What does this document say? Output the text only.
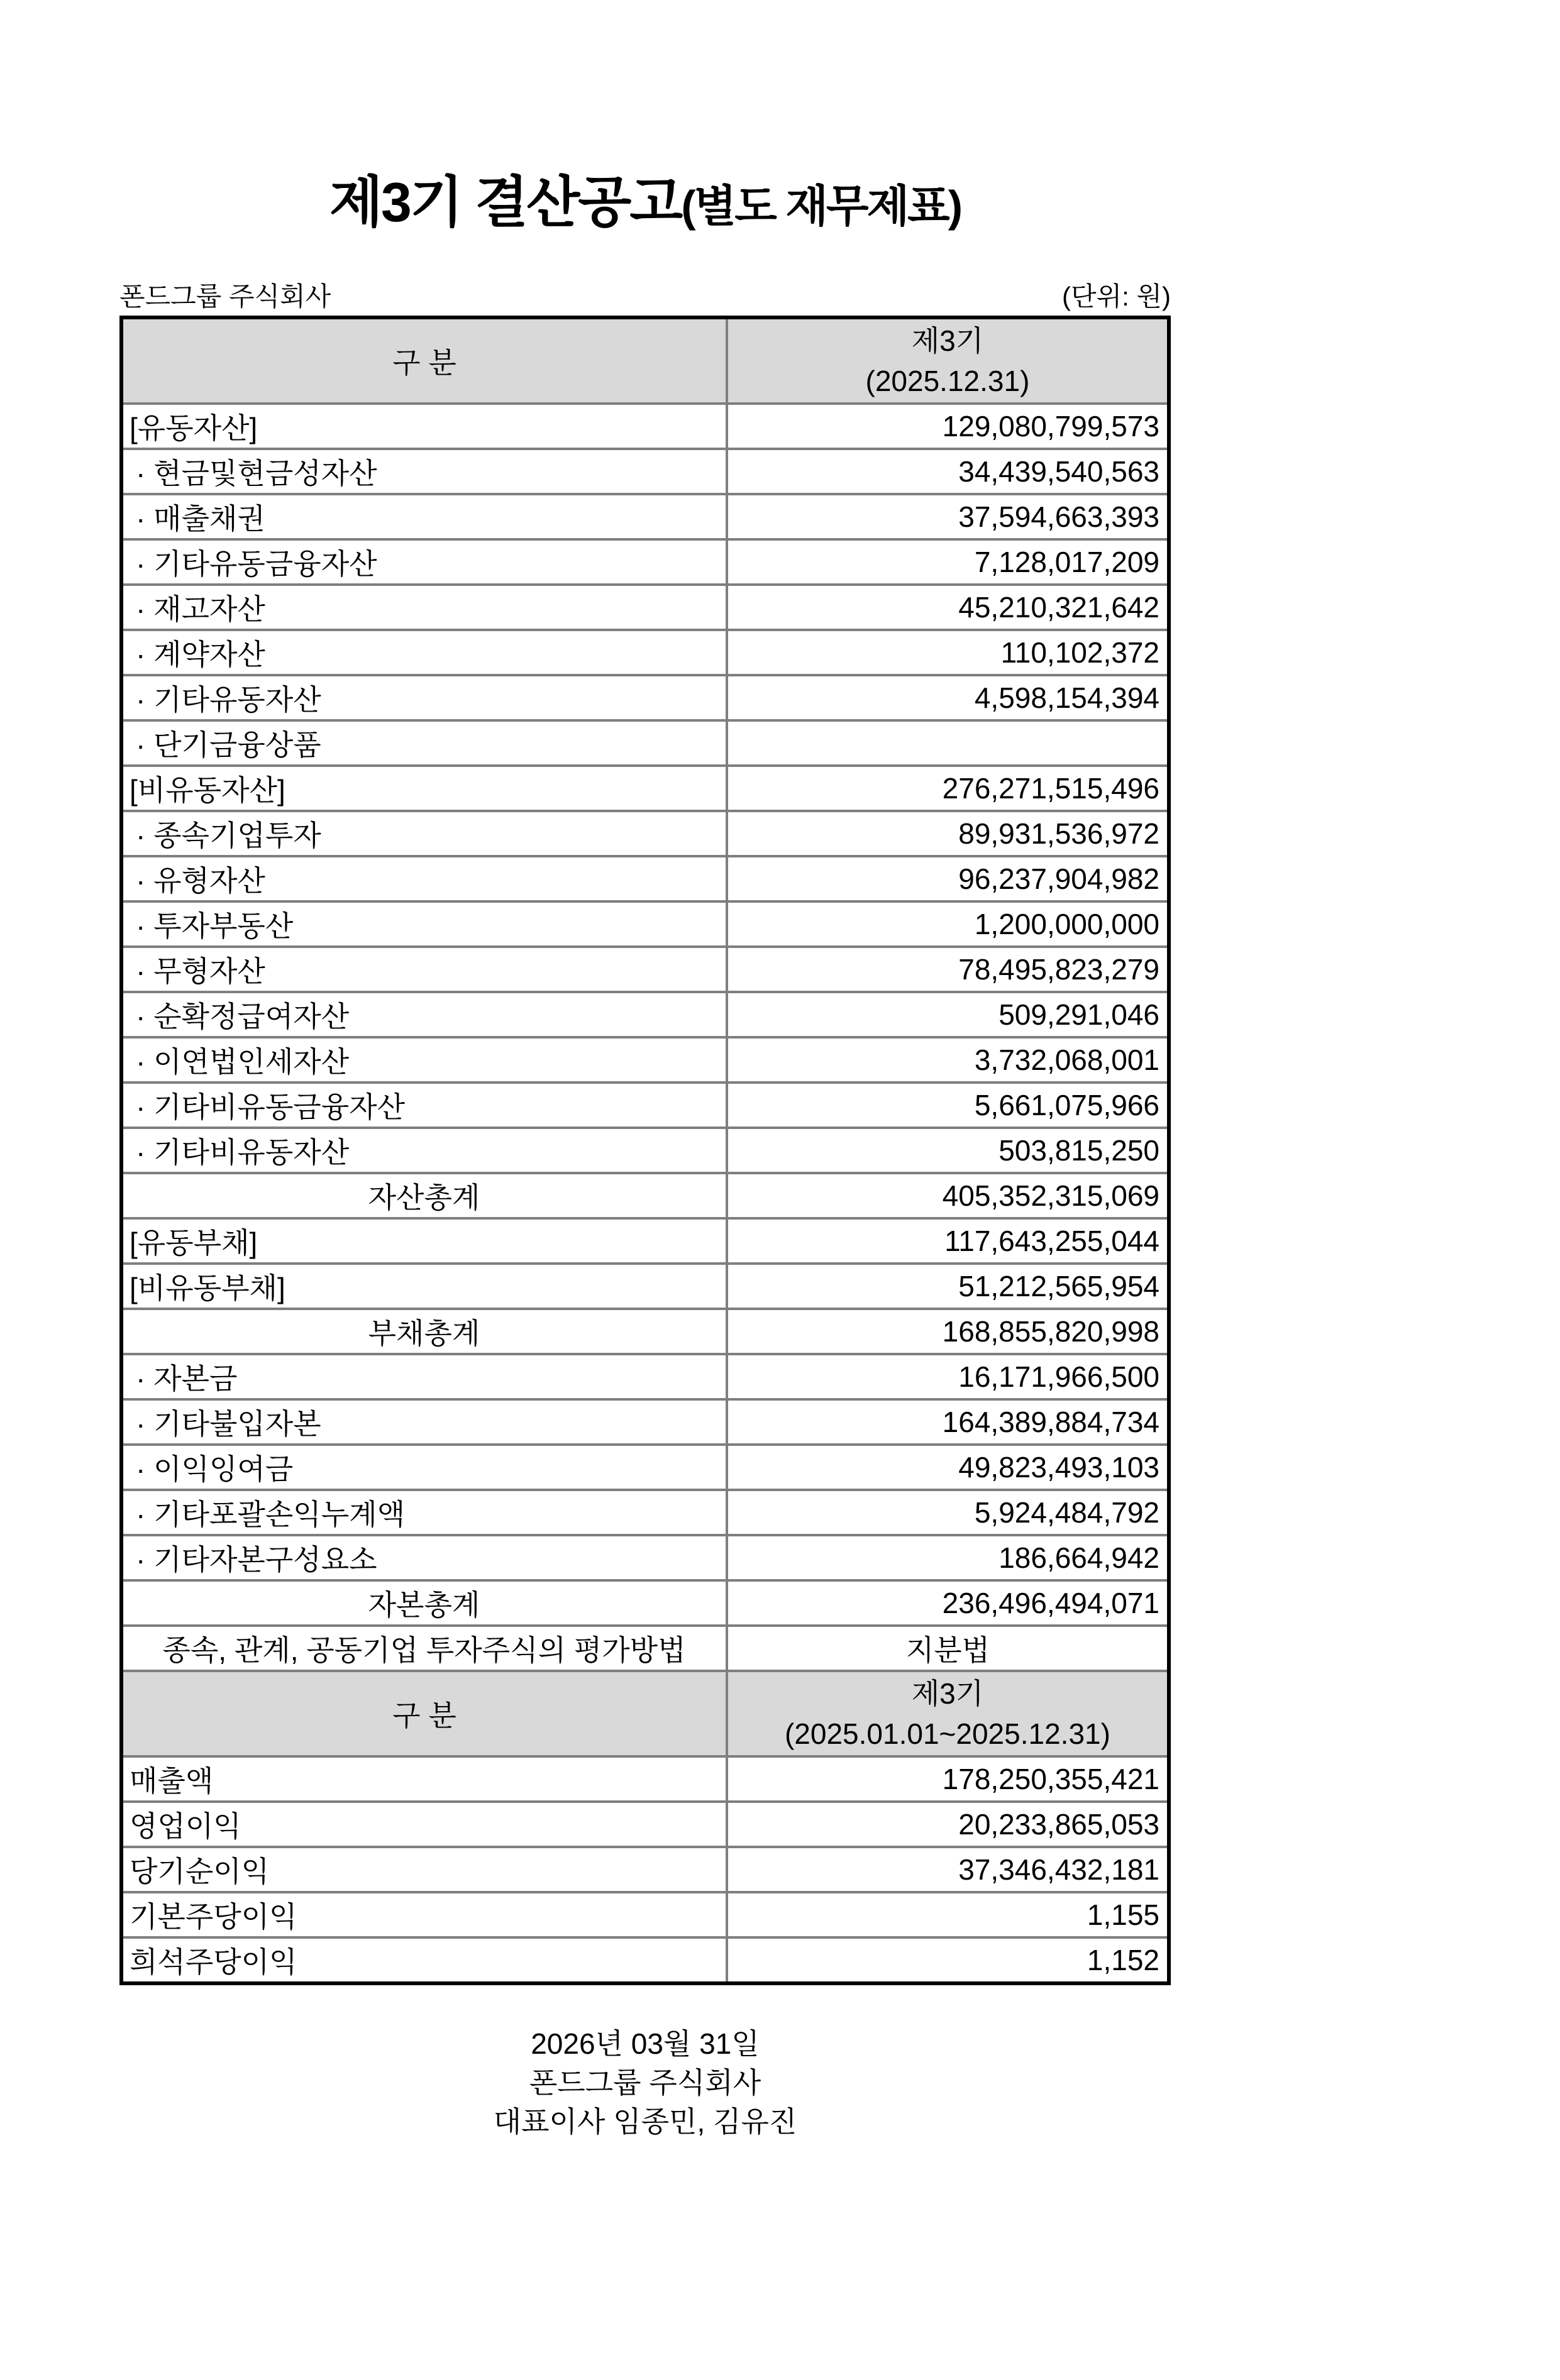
제3기 결산공고(별도 재무제표)
폰드그룹 주식회사	(단위: 원)
구 분	제3기
(2025.12.31)

[유동자산]	129,080,799,573
· 현금및현금성자산	34,439,540,563
· 매출채권	37,594,663,393
· 기타유동금융자산	7,128,017,209
· 재고자산	45,210,321,642
· 계약자산	110,102,372
· 기타유동자산	4,598,154,394
· 단기금융상품	
[비유동자산]	276,271,515,496
· 종속기업투자	89,931,536,972
· 유형자산	96,237,904,982
· 투자부동산	1,200,000,000
· 무형자산	78,495,823,279
· 순확정급여자산	509,291,046
· 이연법인세자산	3,732,068,001
· 기타비유동금융자산	5,661,075,966
· 기타비유동자산	503,815,250
자산총계	405,352,315,069
[유동부채]	117,643,255,044
[비유동부채]	51,212,565,954
부채총계	168,855,820,998
· 자본금	16,171,966,500
· 기타불입자본	164,389,884,734
· 이익잉여금	49,823,493,103
· 기타포괄손익누계액	5,924,484,792
· 기타자본구성요소	186,664,942
자본총계	236,496,494,071
종속, 관계, 공동기업 투자주식의 평가방법	지분법
구 분	제3기
(2025.01.01~2025.12.31)

매출액	178,250,355,421
영업이익	20,233,865,053
당기순이익	37,346,432,181
기본주당이익	1,155
희석주당이익	1,152
2026년 03월 31일
폰드그룹 주식회사
대표이사 임종민, 김유진
